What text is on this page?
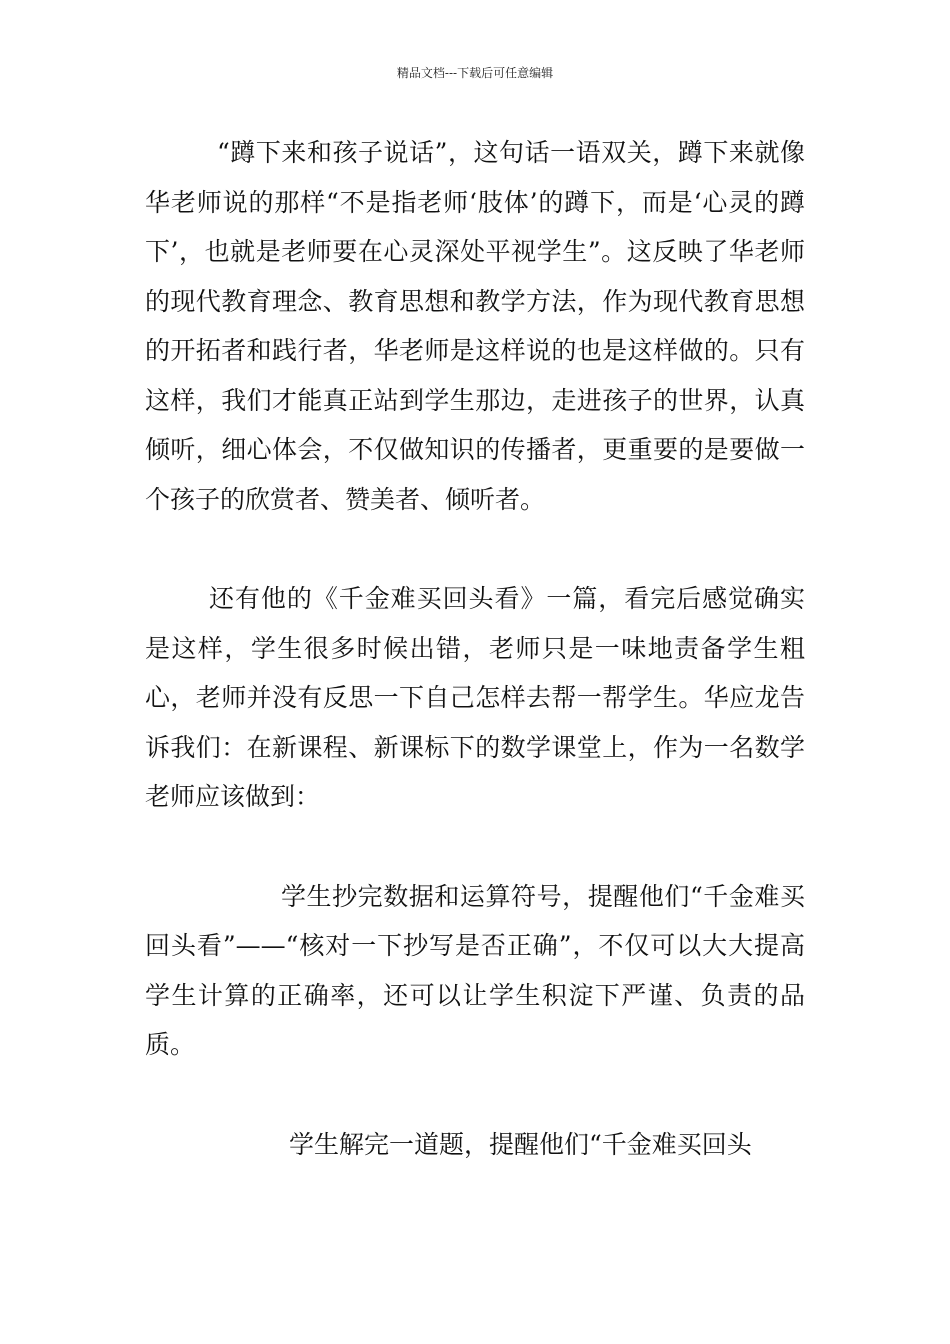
精品文档---下载后可任意编辑

“蹲下来和孩子说话”，这句话一语双关，蹲下来就像华老师说的那样“不是指老师‘肢体’的蹲下，而是‘心灵的蹲下’，也就是老师要在心灵深处平视学生”。这反映了华老师的现代教育理念、教育思想和教学方法，作为现代教育思想的开拓者和践行者，华老师是这样说的也是这样做的。只有这样，我们才能真正站到学生那边，走进孩子的世界，认真倾听，细心体会，不仅做知识的传播者，更重要的是要做一个孩子的欣赏者、赞美者、倾听者。

还有他的《千金难买回头看》一篇，看完后感觉确实是这样，学生很多时候出错，老师只是一味地责备学生粗心，老师并没有反思一下自己怎样去帮一帮学生。华应龙告诉我们：在新课程、新课标下的数学课堂上，作为一名数学老师应该做到：

学生抄完数据和运算符号，提醒他们“千金难买回头看”——“核对一下抄写是否正确”，不仅可以大大提高学生计算的正确率，还可以让学生积淀下严谨、负责的品质。

学生解完一道题，提醒他们“千金难买回头
